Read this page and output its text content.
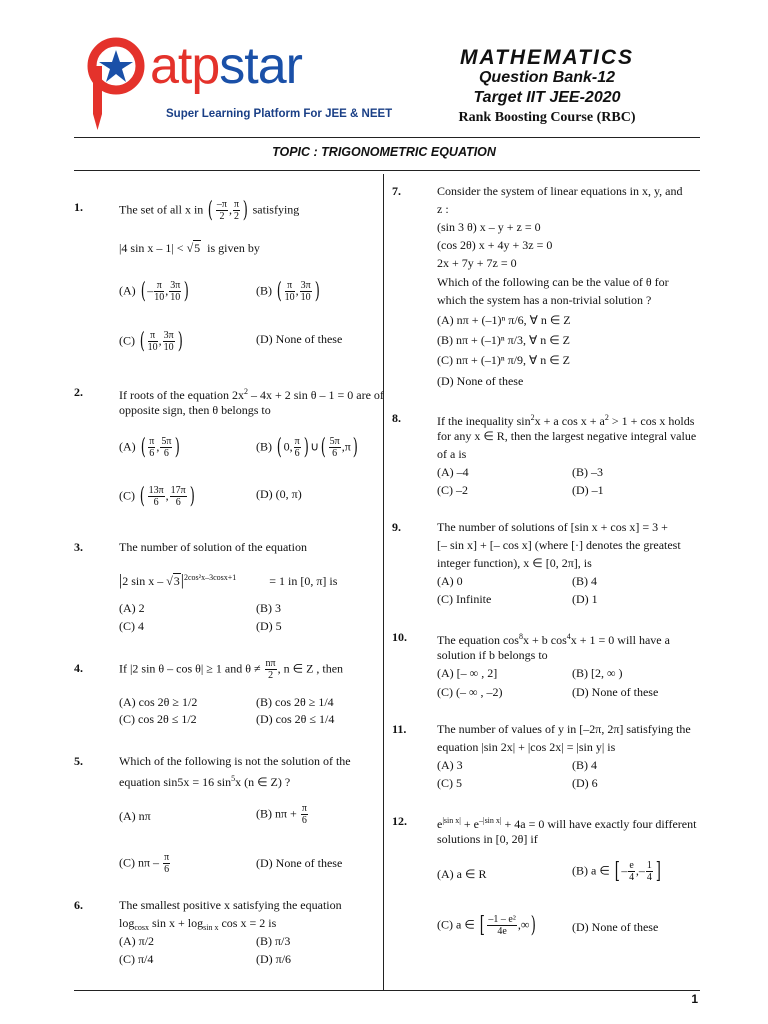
atpstar
Super Learning Platform For JEE & NEET
MATHEMATICS
Question Bank-12
Target IIT JEE-2020
Rank Boosting Course (RBC)
TOPIC : TRIGONOMETRIC EQUATION
1
1.	The set of all x in ( $\frac{-\pi}{2}$ , $\frac{\pi}{2}$ ) satisfying
|4 sin x – 1| < √5 is given by
(A) ( – $\frac{\pi}{10}$ , $\frac{3\pi}{10}$ )	(B) ( $\frac{\pi}{10}$ , $\frac{3\pi}{10}$ )
(C) ( $\frac{\pi}{10}$ , $\frac{3\pi}{10}$ )	(D) None of these
2.	If roots of the equation $2x^2 - 4x + 2$ sin θ – 1 = 0 are of
opposite sign, then θ belongs to
(A) ( $\frac{\pi}{6}$ , $\frac{5\pi}{6}$ )	(B) ( 0, $\frac{\pi}{6}$ ) ∪( $\frac{5\pi}{6} ,\pi$)
(C) ( $\frac{13\pi}{6}$ , $\frac{17\pi}{6}$ )	(D) (0, π)
3.	The number of solution of the equation
|2 sin x – $√3|^{2cos^2x-3cosx+1}$	= 1 in [0, π] is
(A) 2	(B) 3
(C) 4	(D) 5
4.	If |2 sin θ – cos θ| ≥ 1 and $\theta \ne \frac{n\pi}{2}$ , n ∈ Z , then
(A) cos 2θ ≥ 1/2	(B) cos 2θ ≥ 1/4
(C) cos 2θ ≤ 1/2	(D) cos 2θ ≤ 1/4
5.	Which of the following is not the solution of the
equation sin5x = 16 $\sin^5x$ (n ∈ Z) ?
(A) nπ	(B) $n\pi + \frac{\pi}{6}$
(C) nπ – $\frac{\pi}{6}$	(D) None of these
6.	The smallest positive x satisfying the equation
$\log_{cosx} \sin x + \log_{sin x} \cos x = 2$ is
(A) π/2	(B) π/3
(C) π/4	(D) π/6
7.	Consider the system of linear equations in x, y, and
z :
(sin 3 θ) x – y + z = 0
(cos 2θ) x + 4y + 3z = 0
2x + 7y + 7z = 0
Which of the following can be the value of θ for
which the system has a non-trivial solution ?
(A) nπ + (–1)ⁿ π/6, ∀ n ∈ Z
(B) nπ + (–1)ⁿ π/3, ∀ n ∈ Z
(C) nπ + (–1)ⁿ π/9, ∀ n ∈ Z
(D) None of these
8.	If the inequality $\sin^2x + a$ $\cos x + a^2 > 1 + \cos x$ holds
for any x ∈ R, then the largest negative integral value
of a is
(A) –4	(B) –3
(C) –2	(D) –1
9.	The number of solutions of [sin x + cos x] = 3 +
[– sin x] + [– cos x] (where [·] denotes the greatest
integer function), x ∈ [0, 2π], is
(A) 0	(B) 4
(C) Infinite	(D) 1
10.	The equation $\cos^8x + b$ $\cos^4x + 1 = 0$ will have a
solution if b belongs to
(A) [– ∞ , 2]	(B) [2, ∞ )
(C) (– ∞ , –2)	(D) None of these
11.	The number of values of y in [–2π, 2π] satisfying the
equation |sin 2x| + |cos 2x| = |sin y| is
(A) 3	(B) 4
(C) 5	(D) 6
12.	$e^{|sin x|} + e^{-|sin x|} + 4a = 0$ will have exactly four different
solutions in [0, 2θ] if
(A) a ∈ R	(B) a ∈ [ – $\frac{e}{4}$ ,– $\frac{1}{4}$ ]
(C) a ∈ [ $\frac{\text{–1 – e²}}{4e}$ ,∞)	(D) None of these
